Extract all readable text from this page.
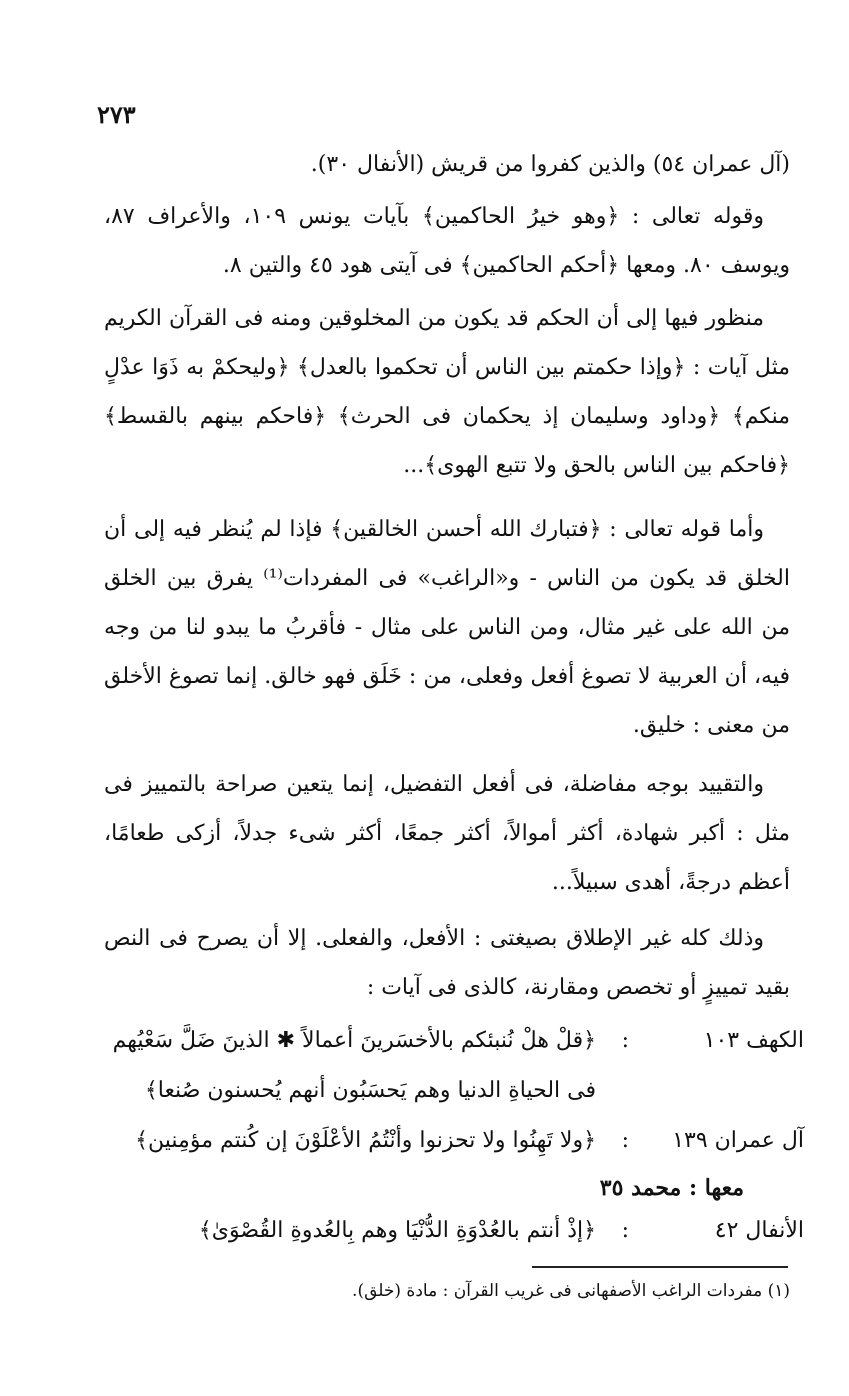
٢٧٣

(آل عمران ٥٤) والذين كفروا من قريش (الأنفال ٣٠).

وقوله تعالى : ﴿وهو خيرُ الحاكمين﴾ بآيات يونس ١٠٩، والأعراف ٨٧، ويوسف ٨٠. ومعها ﴿أحكم الحاكمين﴾ فى آيتى هود ٤٥ والتين ٨.

منظور فيها إلى أن الحكم قد يكون من المخلوقين ومنه فى القرآن الكريم مثل آيات : ﴿وإذا حكمتم بين الناس أن تحكموا بالعدل﴾ ﴿وليحكمْ به ذَوَا عدْلٍ منكم﴾ ﴿وداود وسليمان إذ يحكمان فى الحرث﴾ ﴿فاحكم بينهم بالقسط﴾ ﴿فاحكم بين الناس بالحق ولا تتبع الهوى﴾...

وأما قوله تعالى : ﴿فتبارك الله أحسن الخالقين﴾ فإذا لم يُنظر فيه إلى أن الخلق قد يكون من الناس - و«الراغب» فى المفردات⁽¹⁾ يفرق بين الخلق من الله على غير مثال، ومن الناس على مثال - فأقربُ ما يبدو لنا من وجه فيه، أن العربية لا تصوغ أفعل وفعلى، من : خَلَق فهو خالق. إنما تصوغ الأخلق من معنى : خليق.

والتقييد بوجه مفاضلة، فى أفعل التفضيل، إنما يتعين صراحة بالتمييز فى مثل : أكبر شهادة، أكثر أموالاً، أكثر جمعًا، أكثر شىء جدلاً، أزكى طعامًا، أعظم درجةً، أهدى سبيلاً...

وذلك كله غير الإطلاق بصيغتى : الأفعل، والفعلى. إلا أن يصرح فى النص بقيد تمييزٍ أو تخصص ومقارنة، كالذى فى آيات :

الكهف ١٠٣
:
﴿قلْ هلْ نُنبئكم بالأخسَرينَ أعمالاً ✱ الذينَ ضَلَّ سَعْيُهم
فى الحياةِ الدنيا وهم يَحسَبُون أنهم يُحسنون صُنعا﴾
آل عمران ١٣٩
:
﴿ولا تَهِنُوا ولا تحزنوا وأنْتُمُ الأعْلَوْنَ إن كُنتم مؤمِنين﴾
معها : محمد ٣٥
الأنفال ٤٢
:
﴿إذْ أنتم بالعُدْوَةِ الدُّنْيَا وهم بِالعُدوةِ القُصْوَىٰ﴾
(١) مفردات الراغب الأصفهانى فى غريب القرآن : مادة (خلق).
